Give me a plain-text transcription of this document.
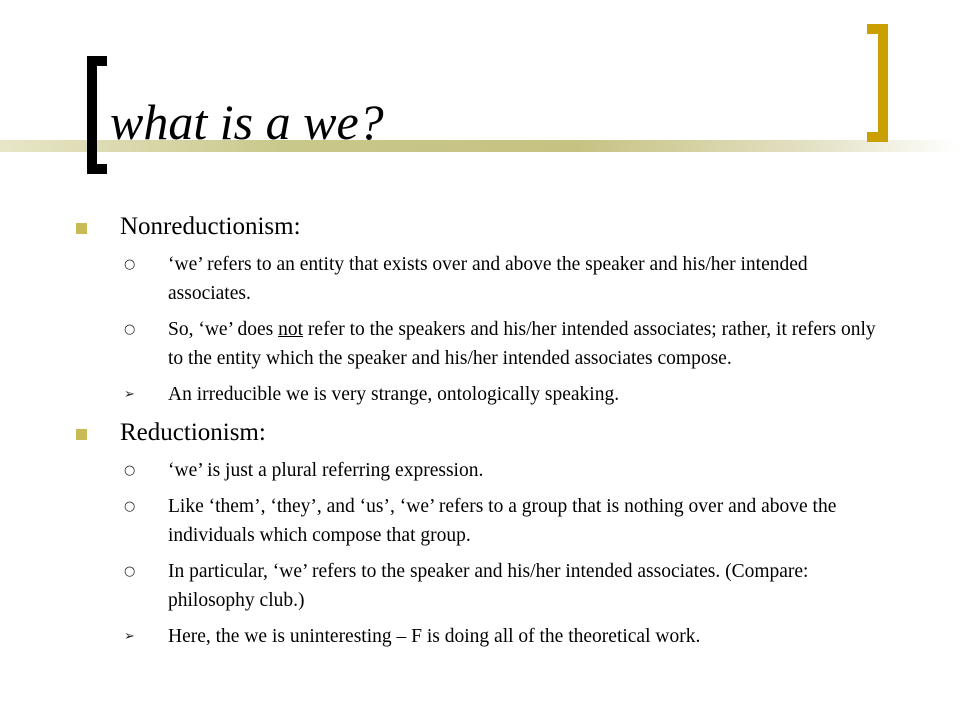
what is a we?
Nonreductionism:
○ ‘we’ refers to an entity that exists over and above the speaker and his/her intended associates.
○ So, ‘we’ does not refer to the speakers and his/her intended associates; rather, it refers only to the entity which the speaker and his/her intended associates compose.
➢ An irreducible we is very strange, ontologically speaking.
Reductionism:
○ ‘we’ is just a plural referring expression.
○ Like ‘them’, ‘they’, and ‘us’, ‘we’ refers to a group that is nothing over and above the individuals which compose that group.
○ In particular, ‘we’ refers to the speaker and his/her intended associates. (Compare: philosophy club.)
➢ Here, the we is uninteresting – F is doing all of the theoretical work.
